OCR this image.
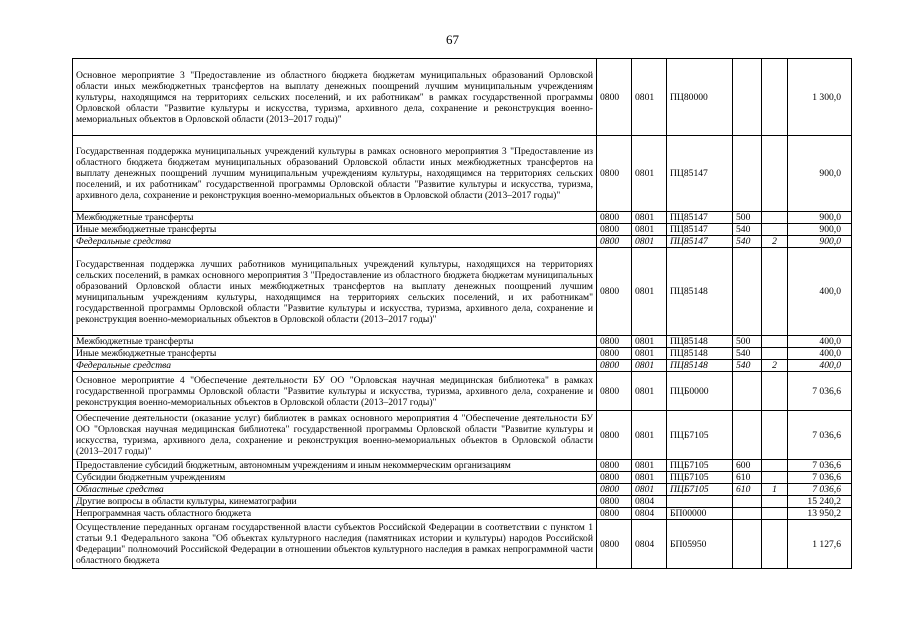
67
Основное мероприятие 3 "Предоставление из областного бюджета бюджетам муниципальных образований Орловской области иных межбюджетных трансфертов на выплату денежных поощрений лучшим муниципальным учреждениям культуры, находящимся на территориях сельских поселений, и их работникам" в рамках государственной программы Орловской области "Развитие культуры и искусства, туризма, архивного дела, сохранение и реконструкция военно-мемориальных объектов в Орловской области (2013–2017 годы)"	0800	0801	ПЦ80000			1 300,0
Государственная поддержка муниципальных учреждений культуры в рамках основного мероприятия 3 "Предоставление из областного бюджета бюджетам муниципальных образований Орловской области иных межбюджетных трансфертов на выплату денежных поощрений лучшим муниципальным учреждениям культуры, находящимся на территориях сельских поселений, и их работникам" государственной программы Орловской области "Развитие культуры и искусства, туризма, архивного дела, сохранение и реконструкция военно-мемориальных объектов в Орловской области (2013–2017 годы)"	0800	0801	ПЦ85147			900,0
Межбюджетные трансферты	0800	0801	ПЦ85147	500		900,0
Иные межбюджетные трансферты	0800	0801	ПЦ85147	540		900,0
Федеральные средства	0800	0801	ПЦ85147	540	2	900,0
Государственная поддержка лучших работников муниципальных учреждений культуры, находящихся на территориях сельских поселений, в рамках основного мероприятия 3 "Предоставление из областного бюджета бюджетам муниципальных образований Орловской области иных межбюджетных трансфертов на выплату денежных поощрений лучшим муниципальным учреждениям культуры, находящимся на территориях сельских поселений, и их работникам" государственной программы Орловской области "Развитие культуры и искусства, туризма, архивного дела, сохранение и реконструкция военно-мемориальных объектов в Орловской области (2013–2017 годы)"	0800	0801	ПЦ85148			400,0
Межбюджетные трансферты	0800	0801	ПЦ85148	500		400,0
Иные межбюджетные трансферты	0800	0801	ПЦ85148	540		400,0
Федеральные средства	0800	0801	ПЦ85148	540	2	400,0
Основное мероприятие 4 "Обеспечение деятельности БУ ОО "Орловская научная медицинская библиотека" в рамках государственной программы Орловской области "Развитие культуры и искусства, туризма, архивного дела, сохранение и реконструкция военно-мемориальных объектов в Орловской области (2013–2017 годы)"	0800	0801	ПЦБ0000			7 036,6
Обеспечение деятельности (оказание услуг) библиотек в рамках основного мероприятия 4 "Обеспечение деятельности БУ ОО "Орловская научная медицинская библиотека" государственной программы Орловской области "Развитие культуры и искусства, туризма, архивного дела, сохранение и реконструкция военно-мемориальных объектов в Орловской области (2013–2017 годы)"	0800	0801	ПЦБ7105			7 036,6
Предоставление субсидий бюджетным, автономным учреждениям и иным некоммерческим организациям	0800	0801	ПЦБ7105	600		7 036,6
Субсидии бюджетным учреждениям	0800	0801	ПЦБ7105	610		7 036,6
Областные средства	0800	0801	ПЦБ7105	610	1	7 036,6
Другие вопросы в области культуры, кинематографии	0800	0804				15 240,2
Непрограммная часть областного бюджета	0800	0804	БП00000			13 950,2
Осуществление переданных органам государственной власти субъектов Российской Федерации в соответствии с пунктом 1 статьи 9.1 Федерального закона "Об объектах культурного наследия (памятниках истории и культуры) народов Российской Федерации" полномочий Российской Федерации в отношении объектов культурного наследия в рамках непрограммной части областного бюджета	0800	0804	БП05950			1 127,6
